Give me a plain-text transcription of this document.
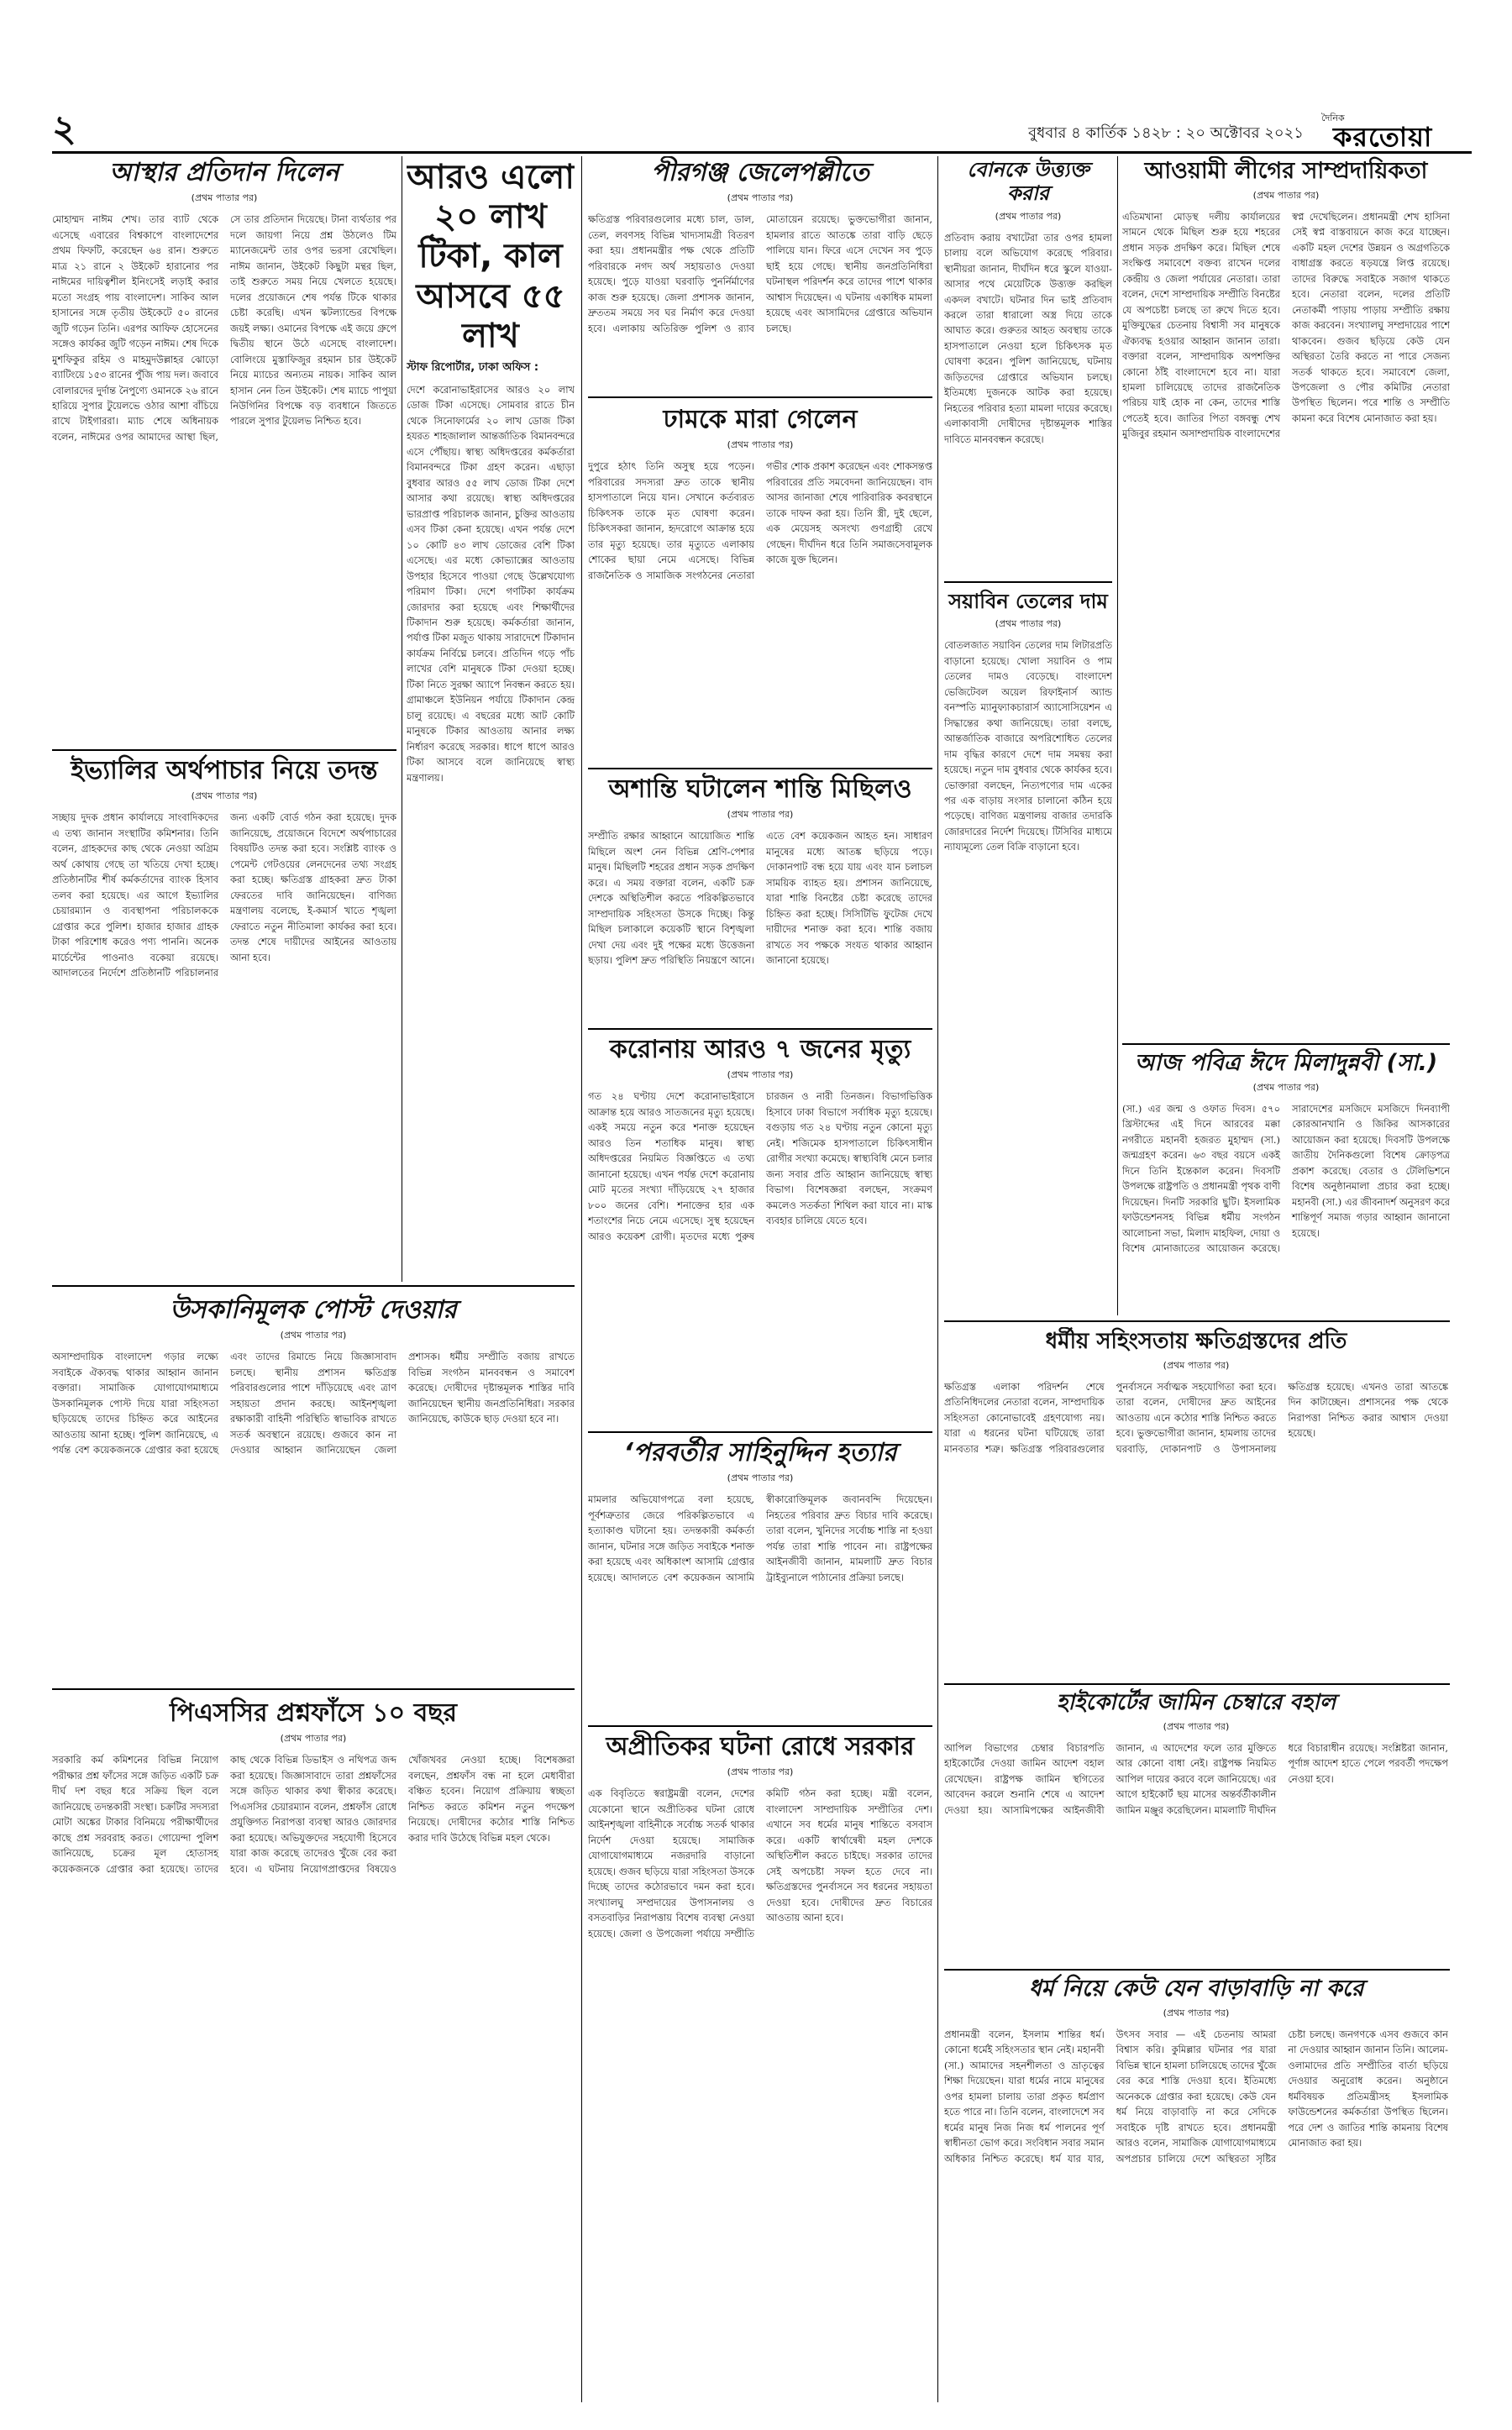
২	বুধবার ৪ কার্তিক ১৪২৮ : ২০ অক্টোবর ২০২১
দৈনিক
করতোয়া
আস্থার প্রতিদান দিলেন
(প্রথম পাতার পর)
মোহাম্মদ নাঈম শেখ। তার ব্যাট থেকে এসেছে এবারের বিশ্বকাপে বাংলাদেশের প্রথম ফিফটি, করেছেন ৬৪ রান। শুরুতে মাত্র ২১ রানে ২ উইকেট হারানোর পর নাঈমের দায়িত্বশীল ইনিংসেই লড়াই করার মতো সংগ্রহ পায় বাংলাদেশ। সাকিব আল হাসানের সঙ্গে তৃতীয় উইকেটে ৫০ রানের জুটি গড়েন তিনি। এরপর আফিফ হোসেনের সঙ্গেও কার্যকর জুটি গড়েন নাঈম। শেষ দিকে মুশফিকুর রহিম ও মাহমুদউল্লাহর ঝোড়ো ব্যাটিংয়ে ১৫৩ রানের পুঁজি পায় দল। জবাবে বোলারদের দুর্দান্ত নৈপুণ্যে ওমানকে ২৬ রানে হারিয়ে সুপার টুয়েলভে ওঠার আশা বাঁচিয়ে রাখে টাইগাররা। ম্যাচ শেষে অধিনায়ক বলেন, নাঈমের ওপর আমাদের আস্থা ছিল, সে তার প্রতিদান দিয়েছে। টানা ব্যর্থতার পর দলে জায়গা নিয়ে প্রশ্ন উঠলেও টিম ম্যানেজমেন্ট তার ওপর ভরসা রেখেছিল। নাঈম জানান, উইকেট কিছুটা মন্থর ছিল, তাই শুরুতে সময় নিয়ে খেলতে হয়েছে। দলের প্রয়োজনে শেষ পর্যন্ত টিকে থাকার চেষ্টা করেছি। এখন স্কটল্যান্ডের বিপক্ষে জয়ই লক্ষ্য। ওমানের বিপক্ষে এই জয়ে গ্রুপে দ্বিতীয় স্থানে উঠে এসেছে বাংলাদেশ। বোলিংয়ে মুস্তাফিজুর রহমান চার উইকেট নিয়ে ম্যাচের অন্যতম নায়ক। সাকিব আল হাসান নেন তিন উইকেট। শেষ ম্যাচে পাপুয়া নিউগিনির বিপক্ষে বড় ব্যবধানে জিততে পারলে সুপার টুয়েলভ নিশ্চিত হবে।
আরও এলো ২০ লাখ টিকা, কাল আসবে ৫৫ লাখ
স্টাফ রিপোর্টার, ঢাকা অফিস :
দেশে করোনাভাইরাসের আরও ২০ লাখ ডোজ টিকা এসেছে। সোমবার রাতে চীন থেকে সিনোফার্মের ২০ লাখ ডোজ টিকা হযরত শাহজালাল আন্তর্জাতিক বিমানবন্দরে এসে পৌঁছায়। স্বাস্থ্য অধিদপ্তরের কর্মকর্তারা বিমানবন্দরে টিকা গ্রহণ করেন। এছাড়া বুধবার আরও ৫৫ লাখ ডোজ টিকা দেশে আসার কথা রয়েছে। স্বাস্থ্য অধিদপ্তরের ভারপ্রাপ্ত পরিচালক জানান, চুক্তির আওতায় এসব টিকা কেনা হয়েছে। এখন পর্যন্ত দেশে ১০ কোটি ৪৩ লাখ ডোজের বেশি টিকা এসেছে। এর মধ্যে কোভ্যাক্সের আওতায় উপহার হিসেবে পাওয়া গেছে উল্লেখযোগ্য পরিমাণ টিকা। দেশে গণটিকা কার্যক্রম জোরদার করা হয়েছে এবং শিক্ষার্থীদের টিকাদান শুরু হয়েছে। কর্মকর্তারা জানান, পর্যাপ্ত টিকা মজুত থাকায় সারাদেশে টিকাদান কার্যক্রম নির্বিঘ্নে চলবে। প্রতিদিন গড়ে পাঁচ লাখের বেশি মানুষকে টিকা দেওয়া হচ্ছে। টিকা নিতে সুরক্ষা অ্যাপে নিবন্ধন করতে হয়। গ্রামাঞ্চলে ইউনিয়ন পর্যায়ে টিকাদান কেন্দ্র চালু রয়েছে। এ বছরের মধ্যে আট কোটি মানুষকে টিকার আওতায় আনার লক্ষ্য নির্ধারণ করেছে সরকার। ধাপে ধাপে আরও টিকা আসবে বলে জানিয়েছে স্বাস্থ্য মন্ত্রণালয়।
ইভ্যালির অর্থপাচার নিয়ে তদন্ত
(প্রথম পাতার পর)
সচ্ছায় দুদক প্রধান কার্যালয়ে সাংবাদিকদের এ তথ্য জানান সংস্থাটির কমিশনার। তিনি বলেন, গ্রাহকদের কাছ থেকে নেওয়া অগ্রিম অর্থ কোথায় গেছে তা খতিয়ে দেখা হচ্ছে। প্রতিষ্ঠানটির শীর্ষ কর্মকর্তাদের ব্যাংক হিসাব তলব করা হয়েছে। এর আগে ইভ্যালির চেয়ারম্যান ও ব্যবস্থাপনা পরিচালককে গ্রেপ্তার করে পুলিশ। হাজার হাজার গ্রাহক টাকা পরিশোধ করেও পণ্য পাননি। অনেক মার্চেন্টের পাওনাও বকেয়া রয়েছে। আদালতের নির্দেশে প্রতিষ্ঠানটি পরিচালনার জন্য একটি বোর্ড গঠন করা হয়েছে। দুদক জানিয়েছে, প্রয়োজনে বিদেশে অর্থপাচারের বিষয়টিও তদন্ত করা হবে। সংশ্লিষ্ট ব্যাংক ও পেমেন্ট গেটওয়ের লেনদেনের তথ্য সংগ্রহ করা হচ্ছে। ক্ষতিগ্রস্ত গ্রাহকরা দ্রুত টাকা ফেরতের দাবি জানিয়েছেন। বাণিজ্য মন্ত্রণালয় বলেছে, ই-কমার্স খাতে শৃঙ্খলা ফেরাতে নতুন নীতিমালা কার্যকর করা হবে। তদন্ত শেষে দায়ীদের আইনের আওতায় আনা হবে।
উসকানিমূলক পোস্ট দেওয়ার
(প্রথম পাতার পর)
অসাম্প্রদায়িক বাংলাদেশ গড়ার লক্ষ্যে সবাইকে ঐক্যবদ্ধ থাকার আহ্বান জানান বক্তারা। সামাজিক যোগাযোগমাধ্যমে উসকানিমূলক পোস্ট দিয়ে যারা সহিংসতা ছড়িয়েছে তাদের চিহ্নিত করে আইনের আওতায় আনা হচ্ছে। পুলিশ জানিয়েছে, এ পর্যন্ত বেশ কয়েকজনকে গ্রেপ্তার করা হয়েছে এবং তাদের রিমান্ডে নিয়ে জিজ্ঞাসাবাদ চলছে। স্থানীয় প্রশাসন ক্ষতিগ্রস্ত পরিবারগুলোর পাশে দাঁড়িয়েছে এবং ত্রাণ সহায়তা প্রদান করছে। আইনশৃঙ্খলা রক্ষাকারী বাহিনী পরিস্থিতি স্বাভাবিক রাখতে সতর্ক অবস্থানে রয়েছে। গুজবে কান না দেওয়ার আহ্বান জানিয়েছেন জেলা প্রশাসক। ধর্মীয় সম্প্রীতি বজায় রাখতে বিভিন্ন সংগঠন মানববন্ধন ও সমাবেশ করেছে। দোষীদের দৃষ্টান্তমূলক শাস্তির দাবি জানিয়েছেন স্থানীয় জনপ্রতিনিধিরা। সরকার জানিয়েছে, কাউকে ছাড় দেওয়া হবে না।
পিএসসির প্রশ্নফাঁসে ১০ বছর
(প্রথম পাতার পর)
সরকারি কর্ম কমিশনের বিভিন্ন নিয়োগ পরীক্ষার প্রশ্ন ফাঁসের সঙ্গে জড়িত একটি চক্র দীর্ঘ দশ বছর ধরে সক্রিয় ছিল বলে জানিয়েছে তদন্তকারী সংস্থা। চক্রটির সদস্যরা মোটা অঙ্কের টাকার বিনিময়ে পরীক্ষার্থীদের কাছে প্রশ্ন সরবরাহ করত। গোয়েন্দা পুলিশ জানিয়েছে, চক্রের মূল হোতাসহ কয়েকজনকে গ্রেপ্তার করা হয়েছে। তাদের কাছ থেকে বিভিন্ন ডিভাইস ও নথিপত্র জব্দ করা হয়েছে। জিজ্ঞাসাবাদে তারা প্রশ্নফাঁসের সঙ্গে জড়িত থাকার কথা স্বীকার করেছে। পিএসসির চেয়ারম্যান বলেন, প্রশ্নফাঁস রোধে প্রযুক্তিগত নিরাপত্তা ব্যবস্থা আরও জোরদার করা হয়েছে। অভিযুক্তদের সহযোগী হিসেবে যারা কাজ করেছে তাদেরও খুঁজে বের করা হবে। এ ঘটনায় নিয়োগপ্রাপ্তদের বিষয়েও খোঁজখবর নেওয়া হচ্ছে। বিশেষজ্ঞরা বলছেন, প্রশ্নফাঁস বন্ধ না হলে মেধাবীরা বঞ্চিত হবেন। নিয়োগ প্রক্রিয়ায় স্বচ্ছতা নিশ্চিত করতে কমিশন নতুন পদক্ষেপ নিয়েছে। দোষীদের কঠোর শাস্তি নিশ্চিত করার দাবি উঠেছে বিভিন্ন মহল থেকে।
পীরগঞ্জ জেলেপল্লীতে
(প্রথম পাতার পর)
ক্ষতিগ্রস্ত পরিবারগুলোর মধ্যে চাল, ডাল, তেল, লবণসহ বিভিন্ন খাদ্যসামগ্রী বিতরণ করা হয়। প্রধানমন্ত্রীর পক্ষ থেকে প্রতিটি পরিবারকে নগদ অর্থ সহায়তাও দেওয়া হয়েছে। পুড়ে যাওয়া ঘরবাড়ি পুনর্নির্মাণের কাজ শুরু হয়েছে। জেলা প্রশাসক জানান, দ্রুততম সময়ে সব ঘর নির্মাণ করে দেওয়া হবে। এলাকায় অতিরিক্ত পুলিশ ও র‍্যাব মোতায়েন রয়েছে। ভুক্তভোগীরা জানান, হামলার রাতে আতঙ্কে তারা বাড়ি ছেড়ে পালিয়ে যান। ফিরে এসে দেখেন সব পুড়ে ছাই হয়ে গেছে। স্থানীয় জনপ্রতিনিধিরা ঘটনাস্থল পরিদর্শন করে তাদের পাশে থাকার আশ্বাস দিয়েছেন। এ ঘটনায় একাধিক মামলা হয়েছে এবং আসামিদের গ্রেপ্তারে অভিযান চলছে।
ঢামকে মারা গেলেন
(প্রথম পাতার পর)
দুপুরে হঠাৎ তিনি অসুস্থ হয়ে পড়েন। পরিবারের সদস্যরা দ্রুত তাকে স্থানীয় হাসপাতালে নিয়ে যান। সেখানে কর্তব্যরত চিকিৎসক তাকে মৃত ঘোষণা করেন। চিকিৎসকরা জানান, হৃদরোগে আক্রান্ত হয়ে তার মৃত্যু হয়েছে। তার মৃত্যুতে এলাকায় শোকের ছায়া নেমে এসেছে। বিভিন্ন রাজনৈতিক ও সামাজিক সংগঠনের নেতারা গভীর শোক প্রকাশ করেছেন এবং শোকসন্তপ্ত পরিবারের প্রতি সমবেদনা জানিয়েছেন। বাদ আসর জানাজা শেষে পারিবারিক কবরস্থানে তাকে দাফন করা হয়। তিনি স্ত্রী, দুই ছেলে, এক মেয়েসহ অসংখ্য গুণগ্রাহী রেখে গেছেন। দীর্ঘদিন ধরে তিনি সমাজসেবামূলক কাজে যুক্ত ছিলেন।
অশান্তি ঘটালেন শান্তি মিছিলও
(প্রথম পাতার পর)
সম্প্রীতি রক্ষার আহ্বানে আয়োজিত শান্তি মিছিলে অংশ নেন বিভিন্ন শ্রেণি-পেশার মানুষ। মিছিলটি শহরের প্রধান সড়ক প্রদক্ষিণ করে। এ সময় বক্তারা বলেন, একটি চক্র দেশকে অস্থিতিশীল করতে পরিকল্পিতভাবে সাম্প্রদায়িক সহিংসতা উসকে দিচ্ছে। কিন্তু মিছিল চলাকালে কয়েকটি স্থানে বিশৃঙ্খলা দেখা দেয় এবং দুই পক্ষের মধ্যে উত্তেজনা ছড়ায়। পুলিশ দ্রুত পরিস্থিতি নিয়ন্ত্রণে আনে। এতে বেশ কয়েকজন আহত হন। সাধারণ মানুষের মধ্যে আতঙ্ক ছড়িয়ে পড়ে। দোকানপাট বন্ধ হয়ে যায় এবং যান চলাচল সাময়িক ব্যাহত হয়। প্রশাসন জানিয়েছে, যারা শান্তি বিনষ্টের চেষ্টা করেছে তাদের চিহ্নিত করা হচ্ছে। সিসিটিভি ফুটেজ দেখে দায়ীদের শনাক্ত করা হবে। শান্তি বজায় রাখতে সব পক্ষকে সংযত থাকার আহ্বান জানানো হয়েছে।
করোনায় আরও ৭ জনের মৃত্যু
(প্রথম পাতার পর)
গত ২৪ ঘণ্টায় দেশে করোনাভাইরাসে আক্রান্ত হয়ে আরও সাতজনের মৃত্যু হয়েছে। একই সময়ে নতুন করে শনাক্ত হয়েছেন আরও তিন শতাধিক মানুষ। স্বাস্থ্য অধিদপ্তরের নিয়মিত বিজ্ঞপ্তিতে এ তথ্য জানানো হয়েছে। এখন পর্যন্ত দেশে করোনায় মোট মৃতের সংখ্যা দাঁড়িয়েছে ২৭ হাজার ৮০০ জনের বেশি। শনাক্তের হার এক শতাংশের নিচে নেমে এসেছে। সুস্থ হয়েছেন আরও কয়েকশ রোগী। মৃতদের মধ্যে পুরুষ চারজন ও নারী তিনজন। বিভাগভিত্তিক হিসাবে ঢাকা বিভাগে সর্বাধিক মৃত্যু হয়েছে। বগুড়ায় গত ২৪ ঘণ্টায় নতুন কোনো মৃত্যু নেই। শজিমেক হাসপাতালে চিকিৎসাধীন রোগীর সংখ্যা কমেছে। স্বাস্থ্যবিধি মেনে চলার জন্য সবার প্রতি আহ্বান জানিয়েছে স্বাস্থ্য বিভাগ। বিশেষজ্ঞরা বলছেন, সংক্রমণ কমলেও সতর্কতা শিথিল করা যাবে না। মাস্ক ব্যবহার চালিয়ে যেতে হবে।
‘পরবর্তীর সাহিনুদ্দিন হত্যার
(প্রথম পাতার পর)
মামলার অভিযোগপত্রে বলা হয়েছে, পূর্বশত্রুতার জেরে পরিকল্পিতভাবে এ হত্যাকাণ্ড ঘটানো হয়। তদন্তকারী কর্মকর্তা জানান, ঘটনার সঙ্গে জড়িত সবাইকে শনাক্ত করা হয়েছে এবং অধিকাংশ আসামি গ্রেপ্তার হয়েছে। আদালতে বেশ কয়েকজন আসামি স্বীকারোক্তিমূলক জবানবন্দি দিয়েছেন। নিহতের পরিবার দ্রুত বিচার দাবি করেছে। তারা বলেন, খুনিদের সর্বোচ্চ শাস্তি না হওয়া পর্যন্ত তারা শান্তি পাবেন না। রাষ্ট্রপক্ষের আইনজীবী জানান, মামলাটি দ্রুত বিচার ট্রাইব্যুনালে পাঠানোর প্রক্রিয়া চলছে।
অপ্রীতিকর ঘটনা রোধে সরকার
(প্রথম পাতার পর)
এক বিবৃতিতে স্বরাষ্ট্রমন্ত্রী বলেন, দেশের যেকোনো স্থানে অপ্রীতিকর ঘটনা রোধে আইনশৃঙ্খলা বাহিনীকে সর্বোচ্চ সতর্ক থাকার নির্দেশ দেওয়া হয়েছে। সামাজিক যোগাযোগমাধ্যমে নজরদারি বাড়ানো হয়েছে। গুজব ছড়িয়ে যারা সহিংসতা উসকে দিচ্ছে তাদের কঠোরভাবে দমন করা হবে। সংখ্যালঘু সম্প্রদায়ের উপাসনালয় ও বসতবাড়ির নিরাপত্তায় বিশেষ ব্যবস্থা নেওয়া হয়েছে। জেলা ও উপজেলা পর্যায়ে সম্প্রীতি কমিটি গঠন করা হচ্ছে। মন্ত্রী বলেন, বাংলাদেশ সাম্প্রদায়িক সম্প্রীতির দেশ। এখানে সব ধর্মের মানুষ শান্তিতে বসবাস করে। একটি স্বার্থান্বেষী মহল দেশকে অস্থিতিশীল করতে চাইছে। সরকার তাদের সেই অপচেষ্টা সফল হতে দেবে না। ক্ষতিগ্রস্তদের পুনর্বাসনে সব ধরনের সহায়তা দেওয়া হবে। দোষীদের দ্রুত বিচারের আওতায় আনা হবে।
বোনকে উত্ত্যক্ত করার
(প্রথম পাতার পর)
প্রতিবাদ করায় বখাটেরা তার ওপর হামলা চালায় বলে অভিযোগ করেছে পরিবার। স্থানীয়রা জানান, দীর্ঘদিন ধরে স্কুলে যাওয়া-আসার পথে মেয়েটিকে উত্ত্যক্ত করছিল একদল বখাটে। ঘটনার দিন ভাই প্রতিবাদ করলে তারা ধারালো অস্ত্র দিয়ে তাকে আঘাত করে। গুরুতর আহত অবস্থায় তাকে হাসপাতালে নেওয়া হলে চিকিৎসক মৃত ঘোষণা করেন। পুলিশ জানিয়েছে, ঘটনায় জড়িতদের গ্রেপ্তারে অভিযান চলছে। ইতিমধ্যে দুজনকে আটক করা হয়েছে। নিহতের পরিবার হত্যা মামলা দায়ের করেছে। এলাকাবাসী দোষীদের দৃষ্টান্তমূলক শাস্তির দাবিতে মানববন্ধন করেছে।
সয়াবিন তেলের দাম
(প্রথম পাতার পর)
বোতলজাত সয়াবিন তেলের দাম লিটারপ্রতি বাড়ানো হয়েছে। খোলা সয়াবিন ও পাম তেলের দামও বেড়েছে। বাংলাদেশ ভেজিটেবল অয়েল রিফাইনার্স অ্যান্ড বনস্পতি ম্যানুফ্যাকচারার্স অ্যাসোসিয়েশন এ সিদ্ধান্তের কথা জানিয়েছে। তারা বলছে, আন্তর্জাতিক বাজারে অপরিশোধিত তেলের দাম বৃদ্ধির কারণে দেশে দাম সমন্বয় করা হয়েছে। নতুন দাম বুধবার থেকে কার্যকর হবে। ভোক্তারা বলছেন, নিত্যপণ্যের দাম একের পর এক বাড়ায় সংসার চালানো কঠিন হয়ে পড়েছে। বাণিজ্য মন্ত্রণালয় বাজার তদারকি জোরদারের নির্দেশ দিয়েছে। টিসিবির মাধ্যমে ন্যায্যমূল্যে তেল বিক্রি বাড়ানো হবে।
ধর্মীয় সহিংসতায় ক্ষতিগ্রস্তদের প্রতি
(প্রথম পাতার পর)
ক্ষতিগ্রস্ত এলাকা পরিদর্শন শেষে প্রতিনিধিদলের নেতারা বলেন, সাম্প্রদায়িক সহিংসতা কোনোভাবেই গ্রহণযোগ্য নয়। যারা এ ধরনের ঘটনা ঘটিয়েছে তারা মানবতার শত্রু। ক্ষতিগ্রস্ত পরিবারগুলোর পুনর্বাসনে সর্বাত্মক সহযোগিতা করা হবে। তারা বলেন, দোষীদের দ্রুত আইনের আওতায় এনে কঠোর শাস্তি নিশ্চিত করতে হবে। ভুক্তভোগীরা জানান, হামলায় তাদের ঘরবাড়ি, দোকানপাট ও উপাসনালয় ক্ষতিগ্রস্ত হয়েছে। এখনও তারা আতঙ্কে দিন কাটাচ্ছেন। প্রশাসনের পক্ষ থেকে নিরাপত্তা নিশ্চিত করার আশ্বাস দেওয়া হয়েছে।
হাইকোর্টের জামিন চেম্বারে বহাল
(প্রথম পাতার পর)
আপিল বিভাগের চেম্বার বিচারপতি হাইকোর্টের দেওয়া জামিন আদেশ বহাল রেখেছেন। রাষ্ট্রপক্ষ জামিন স্থগিতের আবেদন করলে শুনানি শেষে এ আদেশ দেওয়া হয়। আসামিপক্ষের আইনজীবী জানান, এ আদেশের ফলে তার মুক্তিতে আর কোনো বাধা নেই। রাষ্ট্রপক্ষ নিয়মিত আপিল দায়ের করবে বলে জানিয়েছে। এর আগে হাইকোর্ট ছয় মাসের অন্তর্বর্তীকালীন জামিন মঞ্জুর করেছিলেন। মামলাটি দীর্ঘদিন ধরে বিচারাধীন রয়েছে। সংশ্লিষ্টরা জানান, পূর্ণাঙ্গ আদেশ হাতে পেলে পরবর্তী পদক্ষেপ নেওয়া হবে।
ধর্ম নিয়ে কেউ যেন বাড়াবাড়ি না করে
(প্রথম পাতার পর)
প্রধানমন্ত্রী বলেন, ইসলাম শান্তির ধর্ম। কোনো ধর্মেই সহিংসতার স্থান নেই। মহানবী (সা.) আমাদের সহনশীলতা ও ভ্রাতৃত্বের শিক্ষা দিয়েছেন। যারা ধর্মের নামে মানুষের ওপর হামলা চালায় তারা প্রকৃত ধর্মপ্রাণ হতে পারে না। তিনি বলেন, বাংলাদেশে সব ধর্মের মানুষ নিজ নিজ ধর্ম পালনের পূর্ণ স্বাধীনতা ভোগ করে। সংবিধান সবার সমান অধিকার নিশ্চিত করেছে। ধর্ম যার যার, উৎসব সবার — এই চেতনায় আমরা বিশ্বাস করি। কুমিল্লার ঘটনার পর যারা বিভিন্ন স্থানে হামলা চালিয়েছে তাদের খুঁজে বের করে শাস্তি দেওয়া হবে। ইতিমধ্যে অনেককে গ্রেপ্তার করা হয়েছে। কেউ যেন ধর্ম নিয়ে বাড়াবাড়ি না করে সেদিকে সবাইকে দৃষ্টি রাখতে হবে। প্রধানমন্ত্রী আরও বলেন, সামাজিক যোগাযোগমাধ্যমে অপপ্রচার চালিয়ে দেশে অস্থিরতা সৃষ্টির চেষ্টা চলছে। জনগণকে এসব গুজবে কান না দেওয়ার আহ্বান জানান তিনি। আলেম-ওলামাদের প্রতি সম্প্রীতির বার্তা ছড়িয়ে দেওয়ার অনুরোধ করেন। অনুষ্ঠানে ধর্মবিষয়ক প্রতিমন্ত্রীসহ ইসলামিক ফাউন্ডেশনের কর্মকর্তারা উপস্থিত ছিলেন। পরে দেশ ও জাতির শান্তি কামনায় বিশেষ মোনাজাত করা হয়।
আওয়ামী লীগের সাম্প্রদায়িকতা
(প্রথম পাতার পর)
এতিমখানা মোড়স্থ দলীয় কার্যালয়ের সামনে থেকে মিছিল শুরু হয়ে শহরের প্রধান সড়ক প্রদক্ষিণ করে। মিছিল শেষে সংক্ষিপ্ত সমাবেশে বক্তব্য রাখেন দলের কেন্দ্রীয় ও জেলা পর্যায়ের নেতারা। তারা বলেন, দেশে সাম্প্রদায়িক সম্প্রীতি বিনষ্টের যে অপচেষ্টা চলছে তা রুখে দিতে হবে। মুক্তিযুদ্ধের চেতনায় বিশ্বাসী সব মানুষকে ঐক্যবদ্ধ হওয়ার আহ্বান জানান তারা। বক্তারা বলেন, সাম্প্রদায়িক অপশক্তির কোনো ঠাঁই বাংলাদেশে হবে না। যারা হামলা চালিয়েছে তাদের রাজনৈতিক পরিচয় যাই হোক না কেন, তাদের শাস্তি পেতেই হবে। জাতির পিতা বঙ্গবন্ধু শেখ মুজিবুর রহমান অসাম্প্রদায়িক বাংলাদেশের স্বপ্ন দেখেছিলেন। প্রধানমন্ত্রী শেখ হাসিনা সেই স্বপ্ন বাস্তবায়নে কাজ করে যাচ্ছেন। একটি মহল দেশের উন্নয়ন ও অগ্রগতিকে বাধাগ্রস্ত করতে ষড়যন্ত্রে লিপ্ত রয়েছে। তাদের বিরুদ্ধে সবাইকে সজাগ থাকতে হবে। নেতারা বলেন, দলের প্রতিটি নেতাকর্মী পাড়ায় পাড়ায় সম্প্রীতি রক্ষায় কাজ করবেন। সংখ্যালঘু সম্প্রদায়ের পাশে থাকবেন। গুজব ছড়িয়ে কেউ যেন অস্থিরতা তৈরি করতে না পারে সেজন্য সতর্ক থাকতে হবে। সমাবেশে জেলা, উপজেলা ও পৌর কমিটির নেতারা উপস্থিত ছিলেন। পরে শান্তি ও সম্প্রীতি কামনা করে বিশেষ মোনাজাত করা হয়।
আজ পবিত্র ঈদে মিলাদুন্নবী (সা.)
(প্রথম পাতার পর)
(সা.) এর জন্ম ও ওফাত দিবস। ৫৭০ খ্রিস্টাব্দের এই দিনে আরবের মক্কা নগরীতে মহানবী হজরত মুহাম্মদ (সা.) জন্মগ্রহণ করেন। ৬৩ বছর বয়সে একই দিনে তিনি ইন্তেকাল করেন। দিবসটি উপলক্ষে রাষ্ট্রপতি ও প্রধানমন্ত্রী পৃথক বাণী দিয়েছেন। দিনটি সরকারি ছুটি। ইসলামিক ফাউন্ডেশনসহ বিভিন্ন ধর্মীয় সংগঠন আলোচনা সভা, মিলাদ মাহফিল, দোয়া ও বিশেষ মোনাজাতের আয়োজন করেছে। সারাদেশের মসজিদে মসজিদে দিনব্যাপী কোরআনখানি ও জিকির আসকারের আয়োজন করা হয়েছে। দিবসটি উপলক্ষে জাতীয় দৈনিকগুলো বিশেষ ক্রোড়পত্র প্রকাশ করেছে। বেতার ও টেলিভিশনে বিশেষ অনুষ্ঠানমালা প্রচার করা হচ্ছে। মহানবী (সা.) এর জীবনাদর্শ অনুসরণ করে শান্তিপূর্ণ সমাজ গড়ার আহ্বান জানানো হয়েছে।
